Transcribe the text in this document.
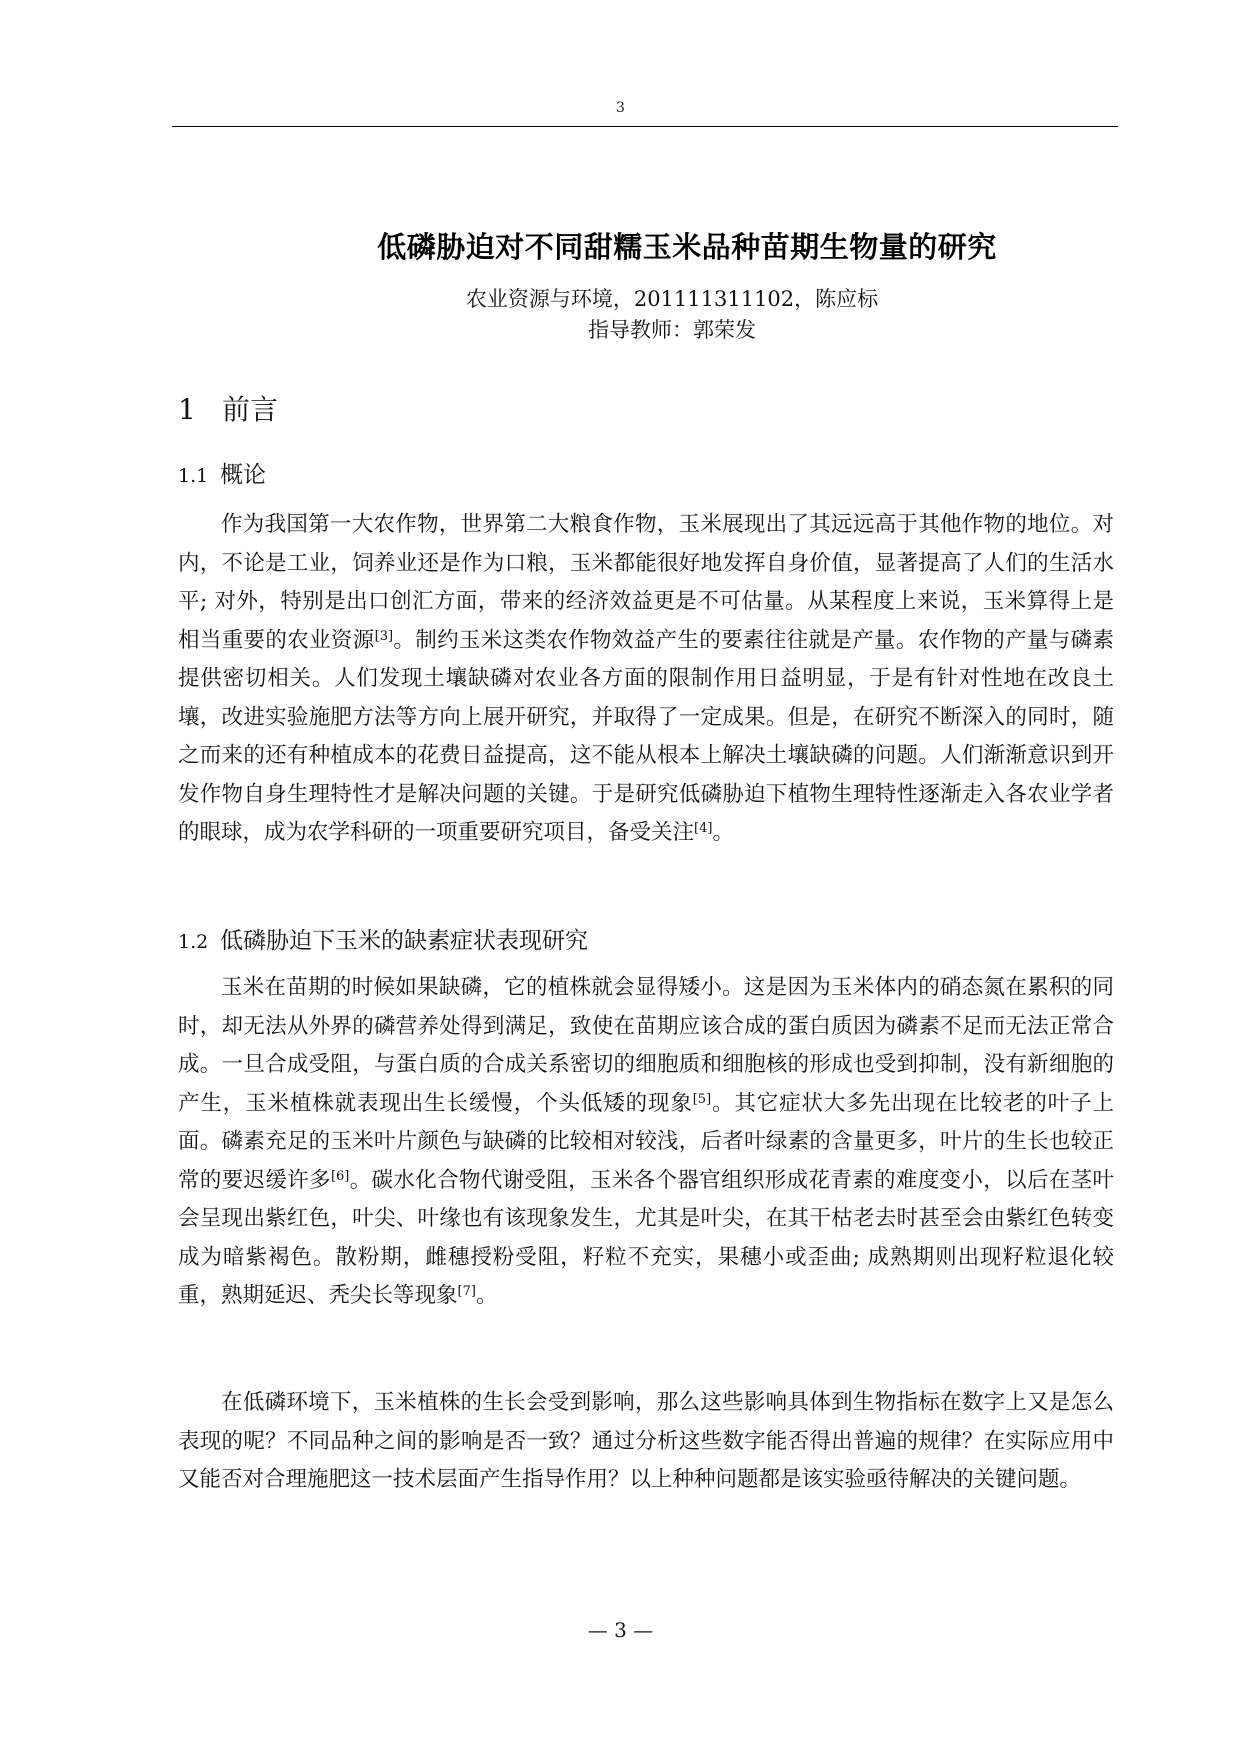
3
低磷胁迫对不同甜糯玉米品种苗期生物量的研究
农业资源与环境，201111311102，陈应标
指导教师：郭荣发
1 前言
1.1 概论
作为我国第一大农作物，世界第二大粮食作物，玉米展现出了其远远高于其他作物的地位。对内，不论是工业，饲养业还是作为口粮，玉米都能很好地发挥自身价值，显著提高了人们的生活水平; 对外，特别是出口创汇方面，带来的经济效益更是不可估量。从某程度上来说，玉米算得上是相当重要的农业资源[3]。制约玉米这类农作物效益产生的要素往往就是产量。农作物的产量与磷素提供密切相关。人们发现土壤缺磷对农业各方面的限制作用日益明显，于是有针对性地在改良土壤，改进实验施肥方法等方向上展开研究，并取得了一定成果。但是，在研究不断深入的同时，随之而来的还有种植成本的花费日益提高，这不能从根本上解决土壤缺磷的问题。人们渐渐意识到开发作物自身生理特性才是解决问题的关键。于是研究低磷胁迫下植物生理特性逐渐走入各农业学者的眼球，成为农学科研的一项重要研究项目，备受关注[4]。
1.2 低磷胁迫下玉米的缺素症状表现研究
玉米在苗期的时候如果缺磷，它的植株就会显得矮小。这是因为玉米体内的硝态氮在累积的同时，却无法从外界的磷营养处得到满足，致使在苗期应该合成的蛋白质因为磷素不足而无法正常合成。一旦合成受阻，与蛋白质的合成关系密切的细胞质和细胞核的形成也受到抑制，没有新细胞的产生，玉米植株就表现出生长缓慢，个头低矮的现象[5]。其它症状大多先出现在比较老的叶子上面。磷素充足的玉米叶片颜色与缺磷的比较相对较浅，后者叶绿素的含量更多，叶片的生长也较正常的要迟缓许多[6]。碳水化合物代谢受阻，玉米各个器官组织形成花青素的难度变小，以后在茎叶会呈现出紫红色，叶尖、叶缘也有该现象发生，尤其是叶尖，在其干枯老去时甚至会由紫红色转变成为暗紫褐色。散粉期，雌穗授粉受阻，籽粒不充实，果穗小或歪曲; 成熟期则出现籽粒退化较重，熟期延迟、秃尖长等现象[7]。
在低磷环境下，玉米植株的生长会受到影响，那么这些影响具体到生物指标在数字上又是怎么表现的呢？不同品种之间的影响是否一致？通过分析这些数字能否得出普遍的规律？在实际应用中又能否对合理施肥这一技术层面产生指导作用？以上种种问题都是该实验亟待解决的关键问题。
— 3 —
